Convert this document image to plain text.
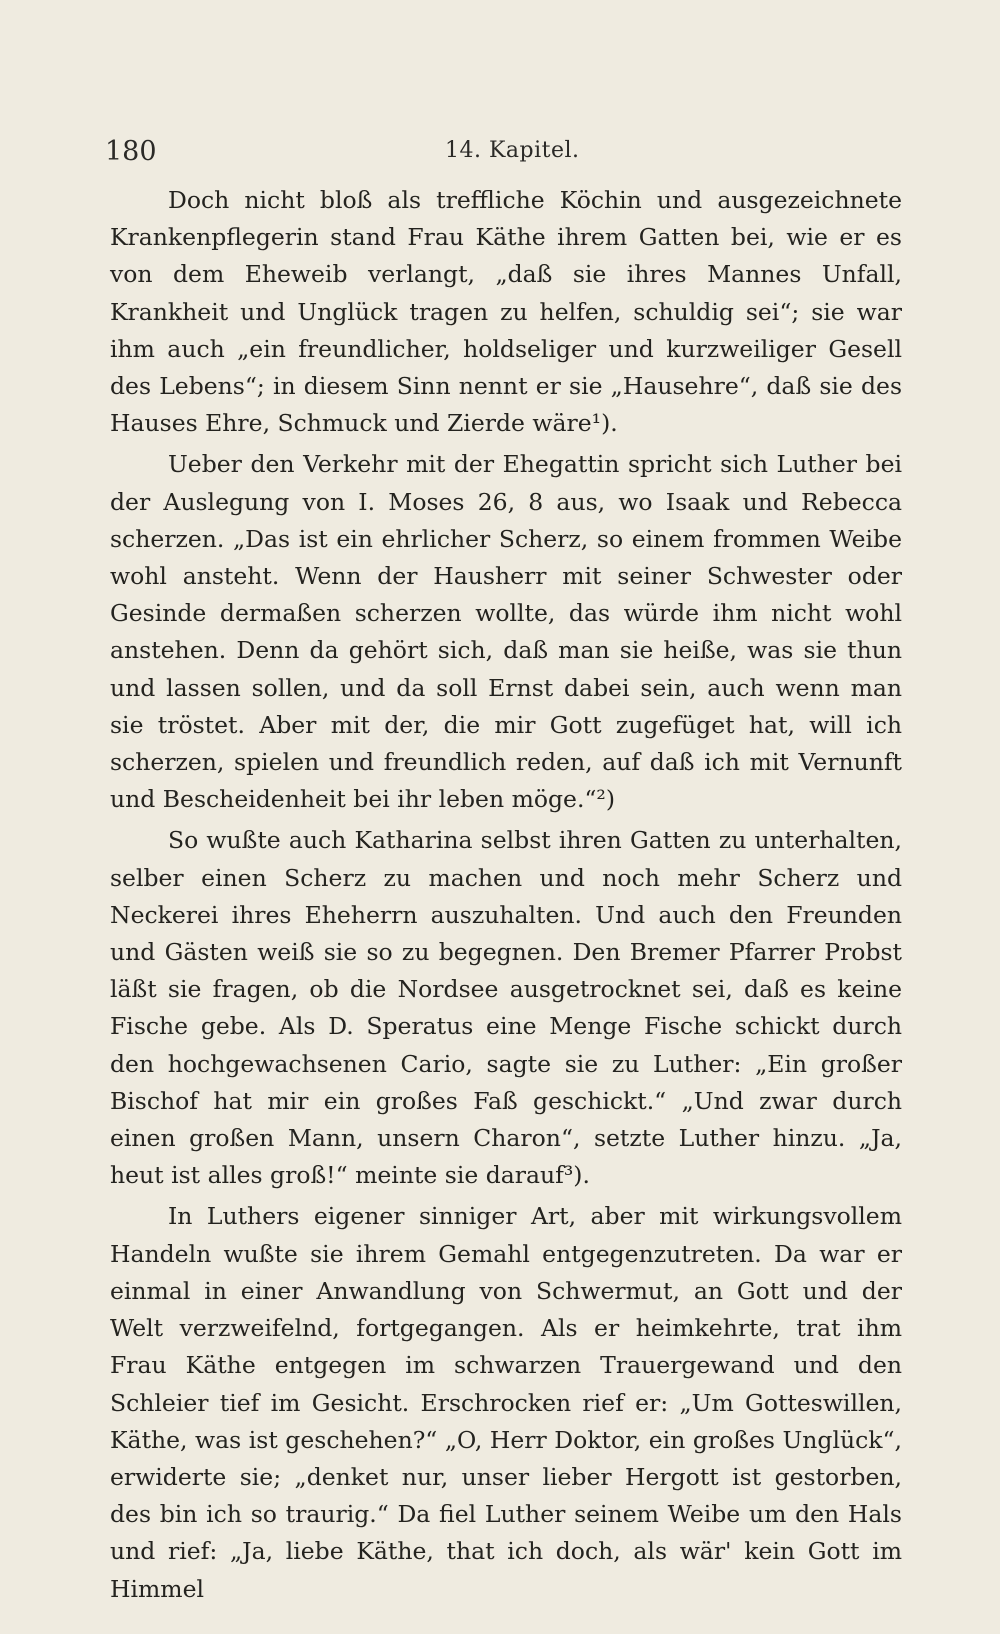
180	14. Kapitel.

Doch nicht bloß als treffliche Köchin und ausgezeichnete Krankenpflegerin stand Frau Käthe ihrem Gatten bei, wie er es von dem Eheweib verlangt, „daß sie ihres Mannes Unfall, Krankheit und Unglück tragen zu helfen, schuldig sei“; sie war ihm auch „ein freundlicher, holdseliger und kurzweiliger Gesell des Lebens“; in diesem Sinn nennt er sie „Hausehre“, daß sie des Hauses Ehre, Schmuck und Zierde wäre¹).

Ueber den Verkehr mit der Ehegattin spricht sich Luther bei der Auslegung von I. Moses 26, 8 aus, wo Isaak und Rebecca scherzen. „Das ist ein ehrlicher Scherz, so einem frommen Weibe wohl ansteht. Wenn der Hausherr mit seiner Schwester oder Gesinde dermaßen scherzen wollte, das würde ihm nicht wohl anstehen. Denn da gehört sich, daß man sie heiße, was sie thun und lassen sollen, und da soll Ernst dabei sein, auch wenn man sie tröstet. Aber mit der, die mir Gott zugefüget hat, will ich scherzen, spielen und freundlich reden, auf daß ich mit Vernunft und Bescheidenheit bei ihr leben möge.“²)

So wußte auch Katharina selbst ihren Gatten zu unterhalten, selber einen Scherz zu machen und noch mehr Scherz und Neckerei ihres Eheherrn auszuhalten. Und auch den Freunden und Gästen weiß sie so zu begegnen. Den Bremer Pfarrer Probst läßt sie fragen, ob die Nordsee ausgetrocknet sei, daß es keine Fische gebe. Als D. Speratus eine Menge Fische schickt durch den hochgewachsenen Cario, sagte sie zu Luther: „Ein großer Bischof hat mir ein großes Faß geschickt.“ „Und zwar durch einen großen Mann, unsern Charon“, setzte Luther hinzu. „Ja, heut ist alles groß!“ meinte sie darauf³).

In Luthers eigener sinniger Art, aber mit wirkungsvollem Handeln wußte sie ihrem Gemahl entgegenzutreten. Da war er einmal in einer Anwandlung von Schwermut, an Gott und der Welt verzweifelnd, fortgegangen. Als er heimkehrte, trat ihm Frau Käthe entgegen im schwarzen Trauergewand und den Schleier tief im Gesicht. Erschrocken rief er: „Um Gotteswillen, Käthe, was ist geschehen?“ „O, Herr Doktor, ein großes Unglück“, erwiderte sie; „denket nur, unser lieber Hergott ist gestorben, des bin ich so traurig.“ Da fiel Luther seinem Weibe um den Hals und rief: „Ja, liebe Käthe, that ich doch, als wär' kein Gott im Himmel
